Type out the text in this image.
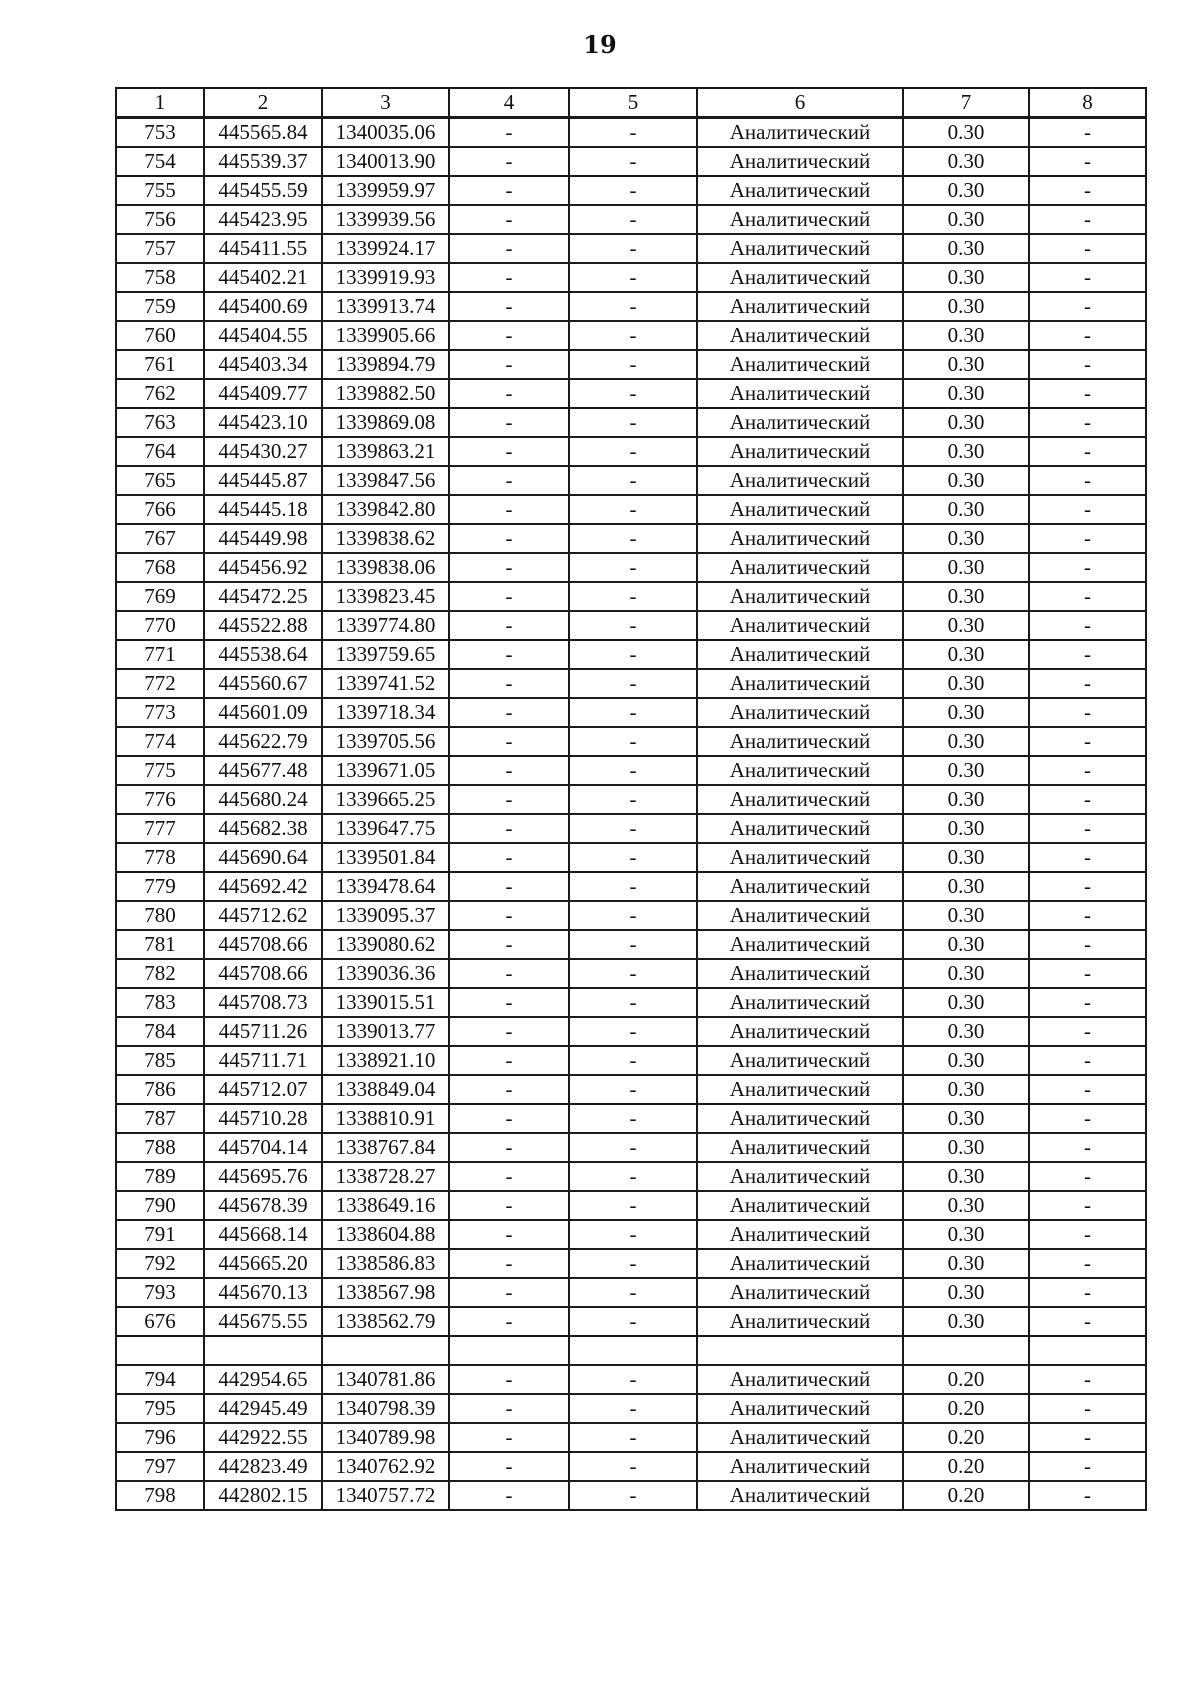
19
1	2	3	4	5	6	7	8
753	445565.84	1340035.06	-	-	Аналитический	0.30	-
754	445539.37	1340013.90	-	-	Аналитический	0.30	-
755	445455.59	1339959.97	-	-	Аналитический	0.30	-
756	445423.95	1339939.56	-	-	Аналитический	0.30	-
757	445411.55	1339924.17	-	-	Аналитический	0.30	-
758	445402.21	1339919.93	-	-	Аналитический	0.30	-
759	445400.69	1339913.74	-	-	Аналитический	0.30	-
760	445404.55	1339905.66	-	-	Аналитический	0.30	-
761	445403.34	1339894.79	-	-	Аналитический	0.30	-
762	445409.77	1339882.50	-	-	Аналитический	0.30	-
763	445423.10	1339869.08	-	-	Аналитический	0.30	-
764	445430.27	1339863.21	-	-	Аналитический	0.30	-
765	445445.87	1339847.56	-	-	Аналитический	0.30	-
766	445445.18	1339842.80	-	-	Аналитический	0.30	-
767	445449.98	1339838.62	-	-	Аналитический	0.30	-
768	445456.92	1339838.06	-	-	Аналитический	0.30	-
769	445472.25	1339823.45	-	-	Аналитический	0.30	-
770	445522.88	1339774.80	-	-	Аналитический	0.30	-
771	445538.64	1339759.65	-	-	Аналитический	0.30	-
772	445560.67	1339741.52	-	-	Аналитический	0.30	-
773	445601.09	1339718.34	-	-	Аналитический	0.30	-
774	445622.79	1339705.56	-	-	Аналитический	0.30	-
775	445677.48	1339671.05	-	-	Аналитический	0.30	-
776	445680.24	1339665.25	-	-	Аналитический	0.30	-
777	445682.38	1339647.75	-	-	Аналитический	0.30	-
778	445690.64	1339501.84	-	-	Аналитический	0.30	-
779	445692.42	1339478.64	-	-	Аналитический	0.30	-
780	445712.62	1339095.37	-	-	Аналитический	0.30	-
781	445708.66	1339080.62	-	-	Аналитический	0.30	-
782	445708.66	1339036.36	-	-	Аналитический	0.30	-
783	445708.73	1339015.51	-	-	Аналитический	0.30	-
784	445711.26	1339013.77	-	-	Аналитический	0.30	-
785	445711.71	1338921.10	-	-	Аналитический	0.30	-
786	445712.07	1338849.04	-	-	Аналитический	0.30	-
787	445710.28	1338810.91	-	-	Аналитический	0.30	-
788	445704.14	1338767.84	-	-	Аналитический	0.30	-
789	445695.76	1338728.27	-	-	Аналитический	0.30	-
790	445678.39	1338649.16	-	-	Аналитический	0.30	-
791	445668.14	1338604.88	-	-	Аналитический	0.30	-
792	445665.20	1338586.83	-	-	Аналитический	0.30	-
793	445670.13	1338567.98	-	-	Аналитический	0.30	-
676	445675.55	1338562.79	-	-	Аналитический	0.30	-

794	442954.65	1340781.86	-	-	Аналитический	0.20	-
795	442945.49	1340798.39	-	-	Аналитический	0.20	-
796	442922.55	1340789.98	-	-	Аналитический	0.20	-
797	442823.49	1340762.92	-	-	Аналитический	0.20	-
798	442802.15	1340757.72	-	-	Аналитический	0.20	-
